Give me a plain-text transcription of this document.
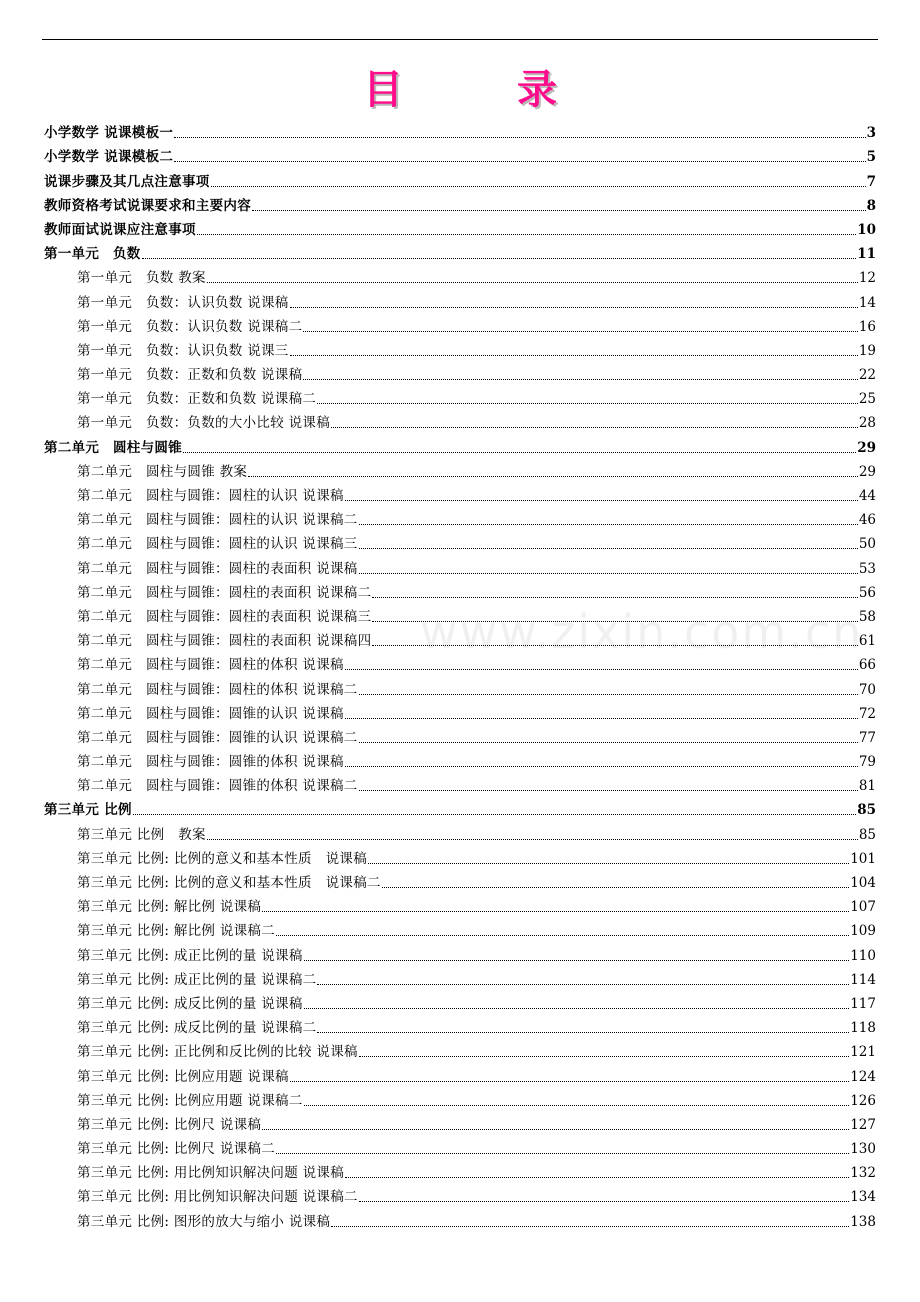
目 录
www.zixin.com.cn
小学数学 说课模板一	3
小学数学 说课模板二	5
说课步骤及其几点注意事项	7
教师资格考试说课要求和主要内容	8
教师面试说课应注意事项	10
第一单元　负数	11
第一单元　负数 教案	12
第一单元　负数：认识负数 说课稿	14
第一单元　负数：认识负数 说课稿二	16
第一单元　负数：认识负数 说课三	19
第一单元　负数：正数和负数 说课稿	22
第一单元　负数：正数和负数 说课稿二	25
第一单元　负数：负数的大小比较 说课稿	28
第二单元　圆柱与圆锥	29
第二单元　圆柱与圆锥 教案	29
第二单元　圆柱与圆锥：圆柱的认识 说课稿	44
第二单元　圆柱与圆锥：圆柱的认识 说课稿二	46
第二单元　圆柱与圆锥：圆柱的认识 说课稿三	50
第二单元　圆柱与圆锥：圆柱的表面积 说课稿	53
第二单元　圆柱与圆锥：圆柱的表面积 说课稿二	56
第二单元　圆柱与圆锥：圆柱的表面积 说课稿三	58
第二单元　圆柱与圆锥：圆柱的表面积 说课稿四	61
第二单元　圆柱与圆锥：圆柱的体积 说课稿	66
第二单元　圆柱与圆锥：圆柱的体积 说课稿二	70
第二单元　圆柱与圆锥：圆锥的认识 说课稿	72
第二单元　圆柱与圆锥：圆锥的认识 说课稿二	77
第二单元　圆柱与圆锥：圆锥的体积 说课稿	79
第二单元　圆柱与圆锥：圆锥的体积 说课稿二	81
第三单元 比例	85
第三单元 比例　教案	85
第三单元 比例: 比例的意义和基本性质　说课稿	101
第三单元 比例: 比例的意义和基本性质　说课稿二	104
第三单元 比例: 解比例 说课稿	107
第三单元 比例: 解比例 说课稿二	109
第三单元 比例: 成正比例的量 说课稿	110
第三单元 比例: 成正比例的量 说课稿二	114
第三单元 比例: 成反比例的量 说课稿	117
第三单元 比例: 成反比例的量 说课稿二	118
第三单元 比例: 正比例和反比例的比较 说课稿	121
第三单元 比例: 比例应用题 说课稿	124
第三单元 比例: 比例应用题 说课稿二	126
第三单元 比例: 比例尺 说课稿	127
第三单元 比例: 比例尺 说课稿二	130
第三单元 比例: 用比例知识解决问题 说课稿	132
第三单元 比例: 用比例知识解决问题 说课稿二	134
第三单元 比例: 图形的放大与缩小 说课稿	138
